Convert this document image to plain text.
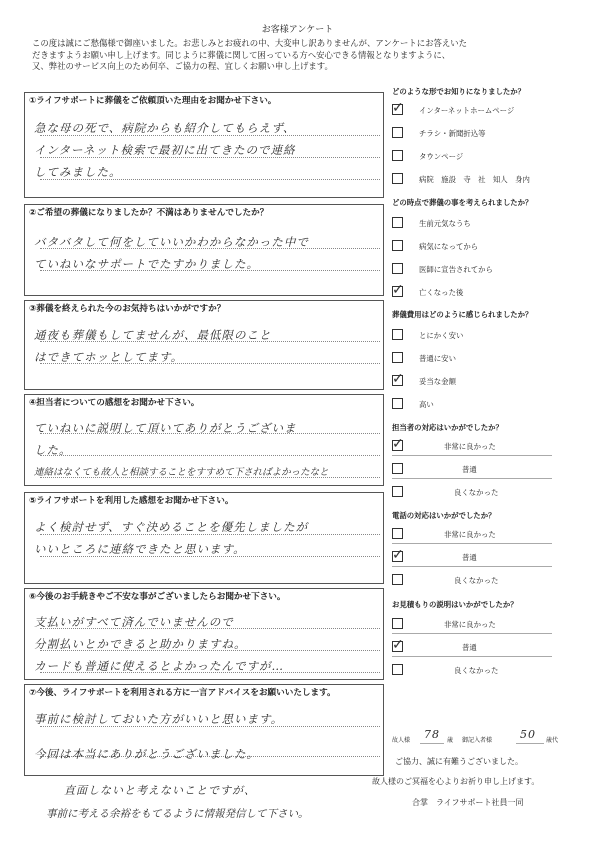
お客様アンケート
この度は誠にご愁傷様で御座いました。お悲しみとお疲れの中、大変申し訳ありませんが、アンケートにお答えいた
だきますようお願い申し上げます。同じように葬儀に関して困っている方へ安心できる情報となりますように、
又、弊社のサービス向上のため何卒、ご協力の程、宜しくお願い申し上げます。
①ライフサポートに葬儀をご依頼頂いた理由をお聞かせ下さい。
急な母の死で、病院からも紹介してもらえず、
インターネット検索で最初に出てきたので連絡
してみました。
②ご希望の葬儀になりましたか？不満はありませんでしたか？
バタバタして何をしていいかわからなかった中で
ていねいなサポートでたすかりました。
③葬儀を終えられた今のお気持ちはいかがですか？
通夜も葬儀もしてませんが、最低限のこと
はできてホッとしてます。
④担当者についての感想をお聞かせ下さい。
ていねいに説明して頂いてありがとうございま
した。
連絡はなくても故人と相談することをすすめて下さればよかったなと
⑤ライフサポートを利用した感想をお聞かせ下さい。
よく検討せず、すぐ決めることを優先しましたが
いいところに連絡できたと思います。
⑥今後のお手続きやご不安な事がございましたらお聞かせ下さい。
支払いがすべて済んでいませんので
分割払いとかできると助かりますね。
カードも普通に使えるとよかったんですが…
⑦今後、ライフサポートを利用される方に一言アドバイスをお願いいたします。
事前に検討しておいた方がいいと思います。
今回は本当にありがとうございました。
直面しないと考えないことですが、
事前に考える余裕をもてるように情報発信して下さい。
どのような形でお知りになりましたか？
✓ インターネットホームページ
チラシ・新聞折込等
タウンページ
病院　施設　寺　社　知人　身内
どの時点で葬儀の事を考えられましたか？
生前元気なうち
病気になってから
医師に宣告されてから
✓ 亡くなった後
葬儀費用はどのように感じられましたか？
とにかく安い
普通に安い
✓ 妥当な金額
高い
担当者の対応はいかがでしたか？
✓	非常に良かった
普通
良くなかった
電話の対応はいかがでしたか？
非常に良かった
✓	普通
良くなかった
お見積もりの説明はいかがでしたか？
非常に良かった
✓	普通
良くなかった
故人様 78 歳 御記入者様	50 歳代
ご協力、誠に有難うございました。
故人様のご冥福を心よりお祈り申し上げます。
合掌　ライフサポート社員一同
